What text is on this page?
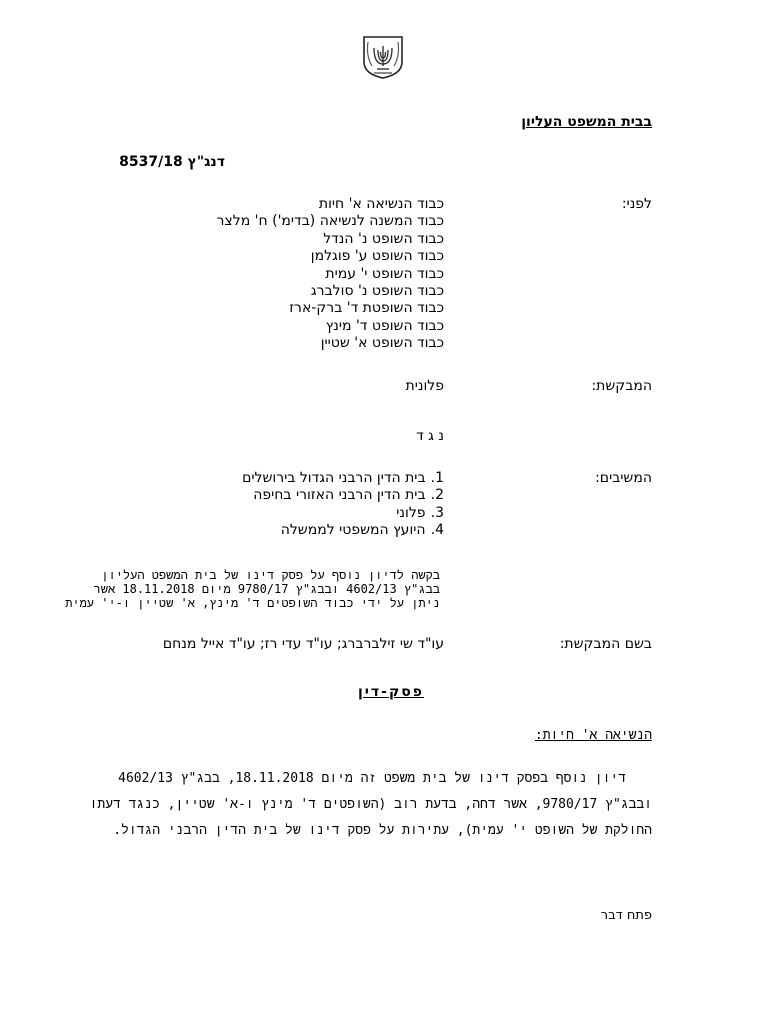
בבית המשפט העליון
דנג"ץ 8537/18
לפני:
כבוד הנשיאה א' חיות
כבוד המשנה לנשיאה (בדימ') ח' מלצר
כבוד השופט נ' הנדל
כבוד השופט ע' פוגלמן
כבוד השופט י' עמית
כבוד השופט נ' סולברג
כבוד השופטת ד' ברק-ארז
כבוד השופט ד' מינץ
כבוד השופט א' שטיין
המבקשת:
פלונית
נ ג ד
המשיבים:
1. בית הדין הרבני הגדול בירושלים
2. בית הדין הרבני האזורי בחיפה
3. פלוני
4. היועץ המשפטי לממשלה
בקשה לדיון נוסף על פסק דינו של בית המשפט העליון
בבג"ץ 4602/13 ובבג"ץ 9780/17 מיום 18.11.2018 אשר
ניתן על ידי כבוד השופטים ד' מינץ, א' שטיין ו-י' עמית
בשם המבקשת:
עו"ד שי זילברברג; עו"ד עדי רז; עו"ד אייל מנחם
פסק-דין
הנשיאה א' חיות:
דיון נוסף בפסק דינו של בית משפט זה מיום 18.11.2018, בבג"ץ 4602/13
ובבג"ץ 9780/17, אשר דחה, בדעת רוב (השופטים ד' מינץ ו-א' שטיין, כנגד דעתו
החולקת של השופט י' עמית), עתירות על פסק דינו של בית הדין הרבני הגדול.
פתח דבר
